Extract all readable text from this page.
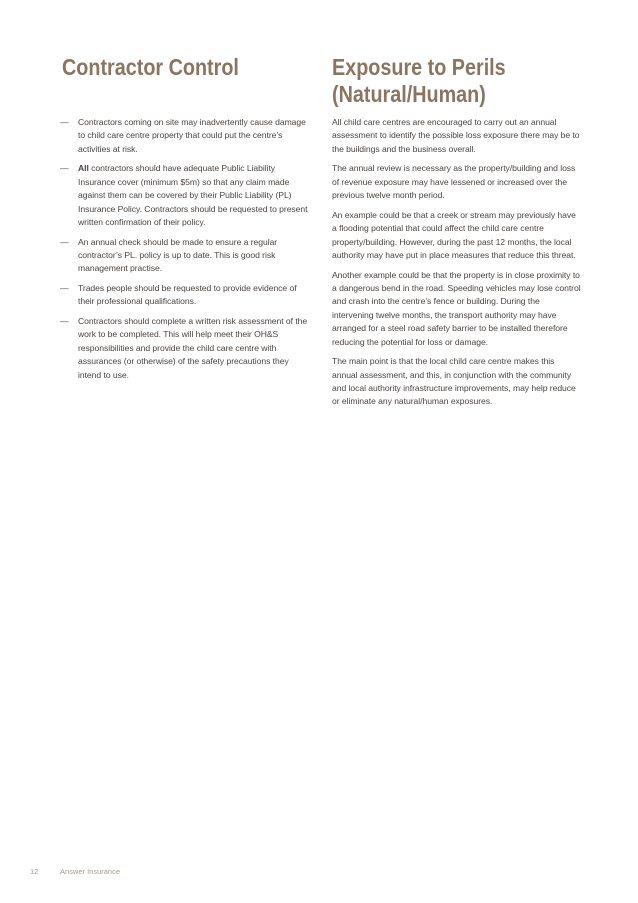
Contractor Control
— Contractors coming on site may inadvertently cause damage to child care centre property that could put the centre’s activities at risk.
— All contractors should have adequate Public Liability Insurance cover (minimum $5m) so that any claim made against them can be covered by their Public Liability (PL) Insurance Policy. Contractors should be requested to present written confirmation of their policy.
— An annual check should be made to ensure a regular contractor’s PL. policy is up to date. This is good risk management practise.
— Trades people should be requested to provide evidence of their professional qualifications.
— Contractors should complete a written risk assessment of the work to be completed. This will help meet their OH&S responsibilities and provide the child care centre with assurances (or otherwise) of the safety precautions they intend to use.
Exposure to Perils
(Natural/Human)

All child care centres are encouraged to carry out an annual assessment to identify the possible loss exposure there may be to the buildings and the business overall.

The annual review is necessary as the property/building and loss of revenue exposure may have lessened or increased over the previous twelve month period.

An example could be that a creek or stream may previously have a flooding potential that could affect the child care centre property/building. However, during the past 12 months, the local authority may have put in place measures that reduce this threat.

Another example could be that the property is in close proximity to a dangerous bend in the road. Speeding vehicles may lose control and crash into the centre’s fence or building. During the intervening twelve months, the transport authority may have arranged for a steel road safety barrier to be installed therefore reducing the potential for loss or damage.

The main point is that the local child care centre makes this annual assessment, and this, in conjunction with the community and local authority infrastructure improvements, may help reduce or eliminate any natural/human exposures.

12	Answer Insurance
